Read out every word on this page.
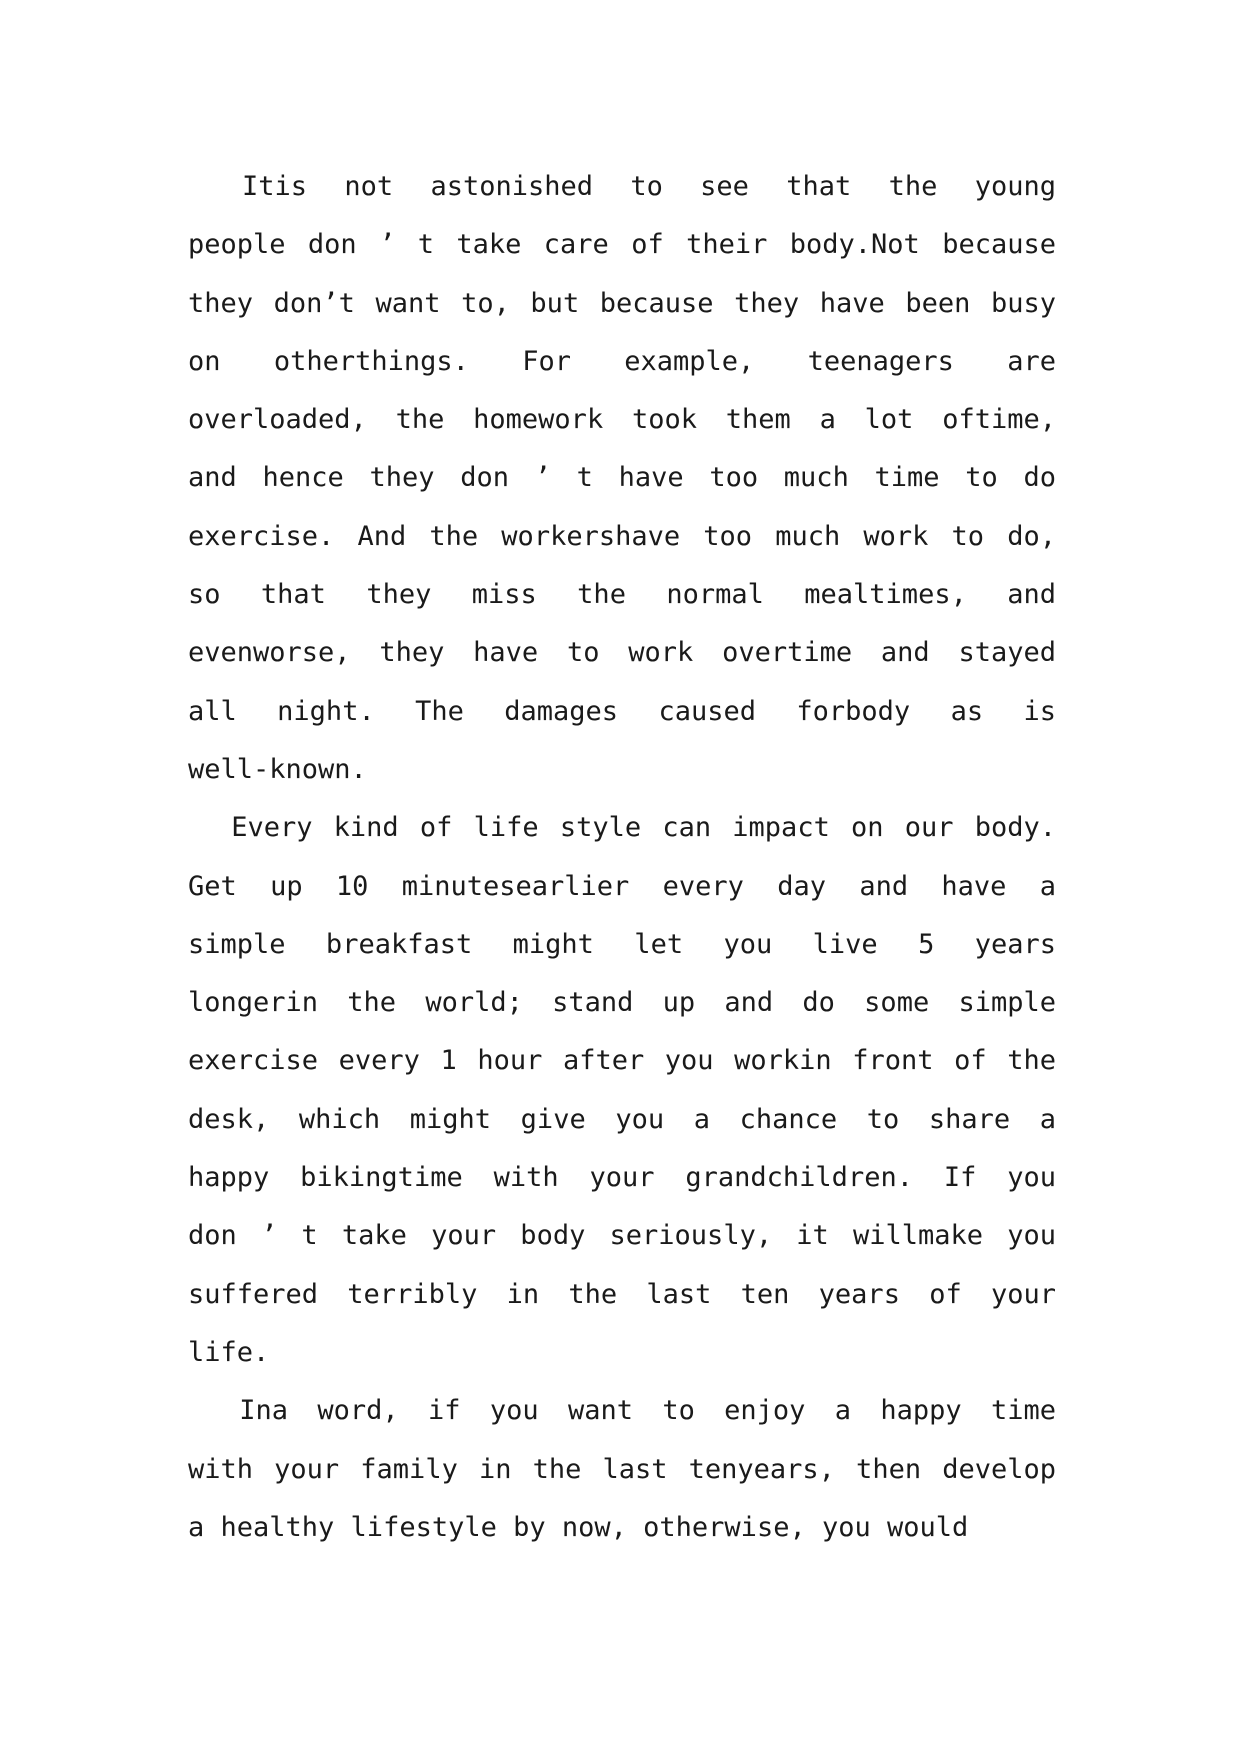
Itis not astonished to see that the young
people don ’ t take care of their body.Not because
they don’t want to, but because they have been busy
on otherthings. For example, teenagers are
overloaded, the homework took them a lot oftime,
and hence they don ’ t have too much time to do
exercise. And the workershave too much work to do,
so that they miss the normal mealtimes, and
evenworse, they have to work overtime and stayed
all night. The damages caused forbody as is
well-known.
Every kind of life style can impact on our body.
Get up 10 minutesearlier every day and have a
simple breakfast might let you live 5 years
longerin the world; stand up and do some simple
exercise every 1 hour after you workin front of the
desk, which might give you a chance to share a
happy bikingtime with your grandchildren. If you
don ’ t take your body seriously, it willmake you
suffered terribly in the last ten years of your
life.
Ina word, if you want to enjoy a happy time
with your family in the last tenyears, then develop
a healthy lifestyle by now, otherwise, you would
